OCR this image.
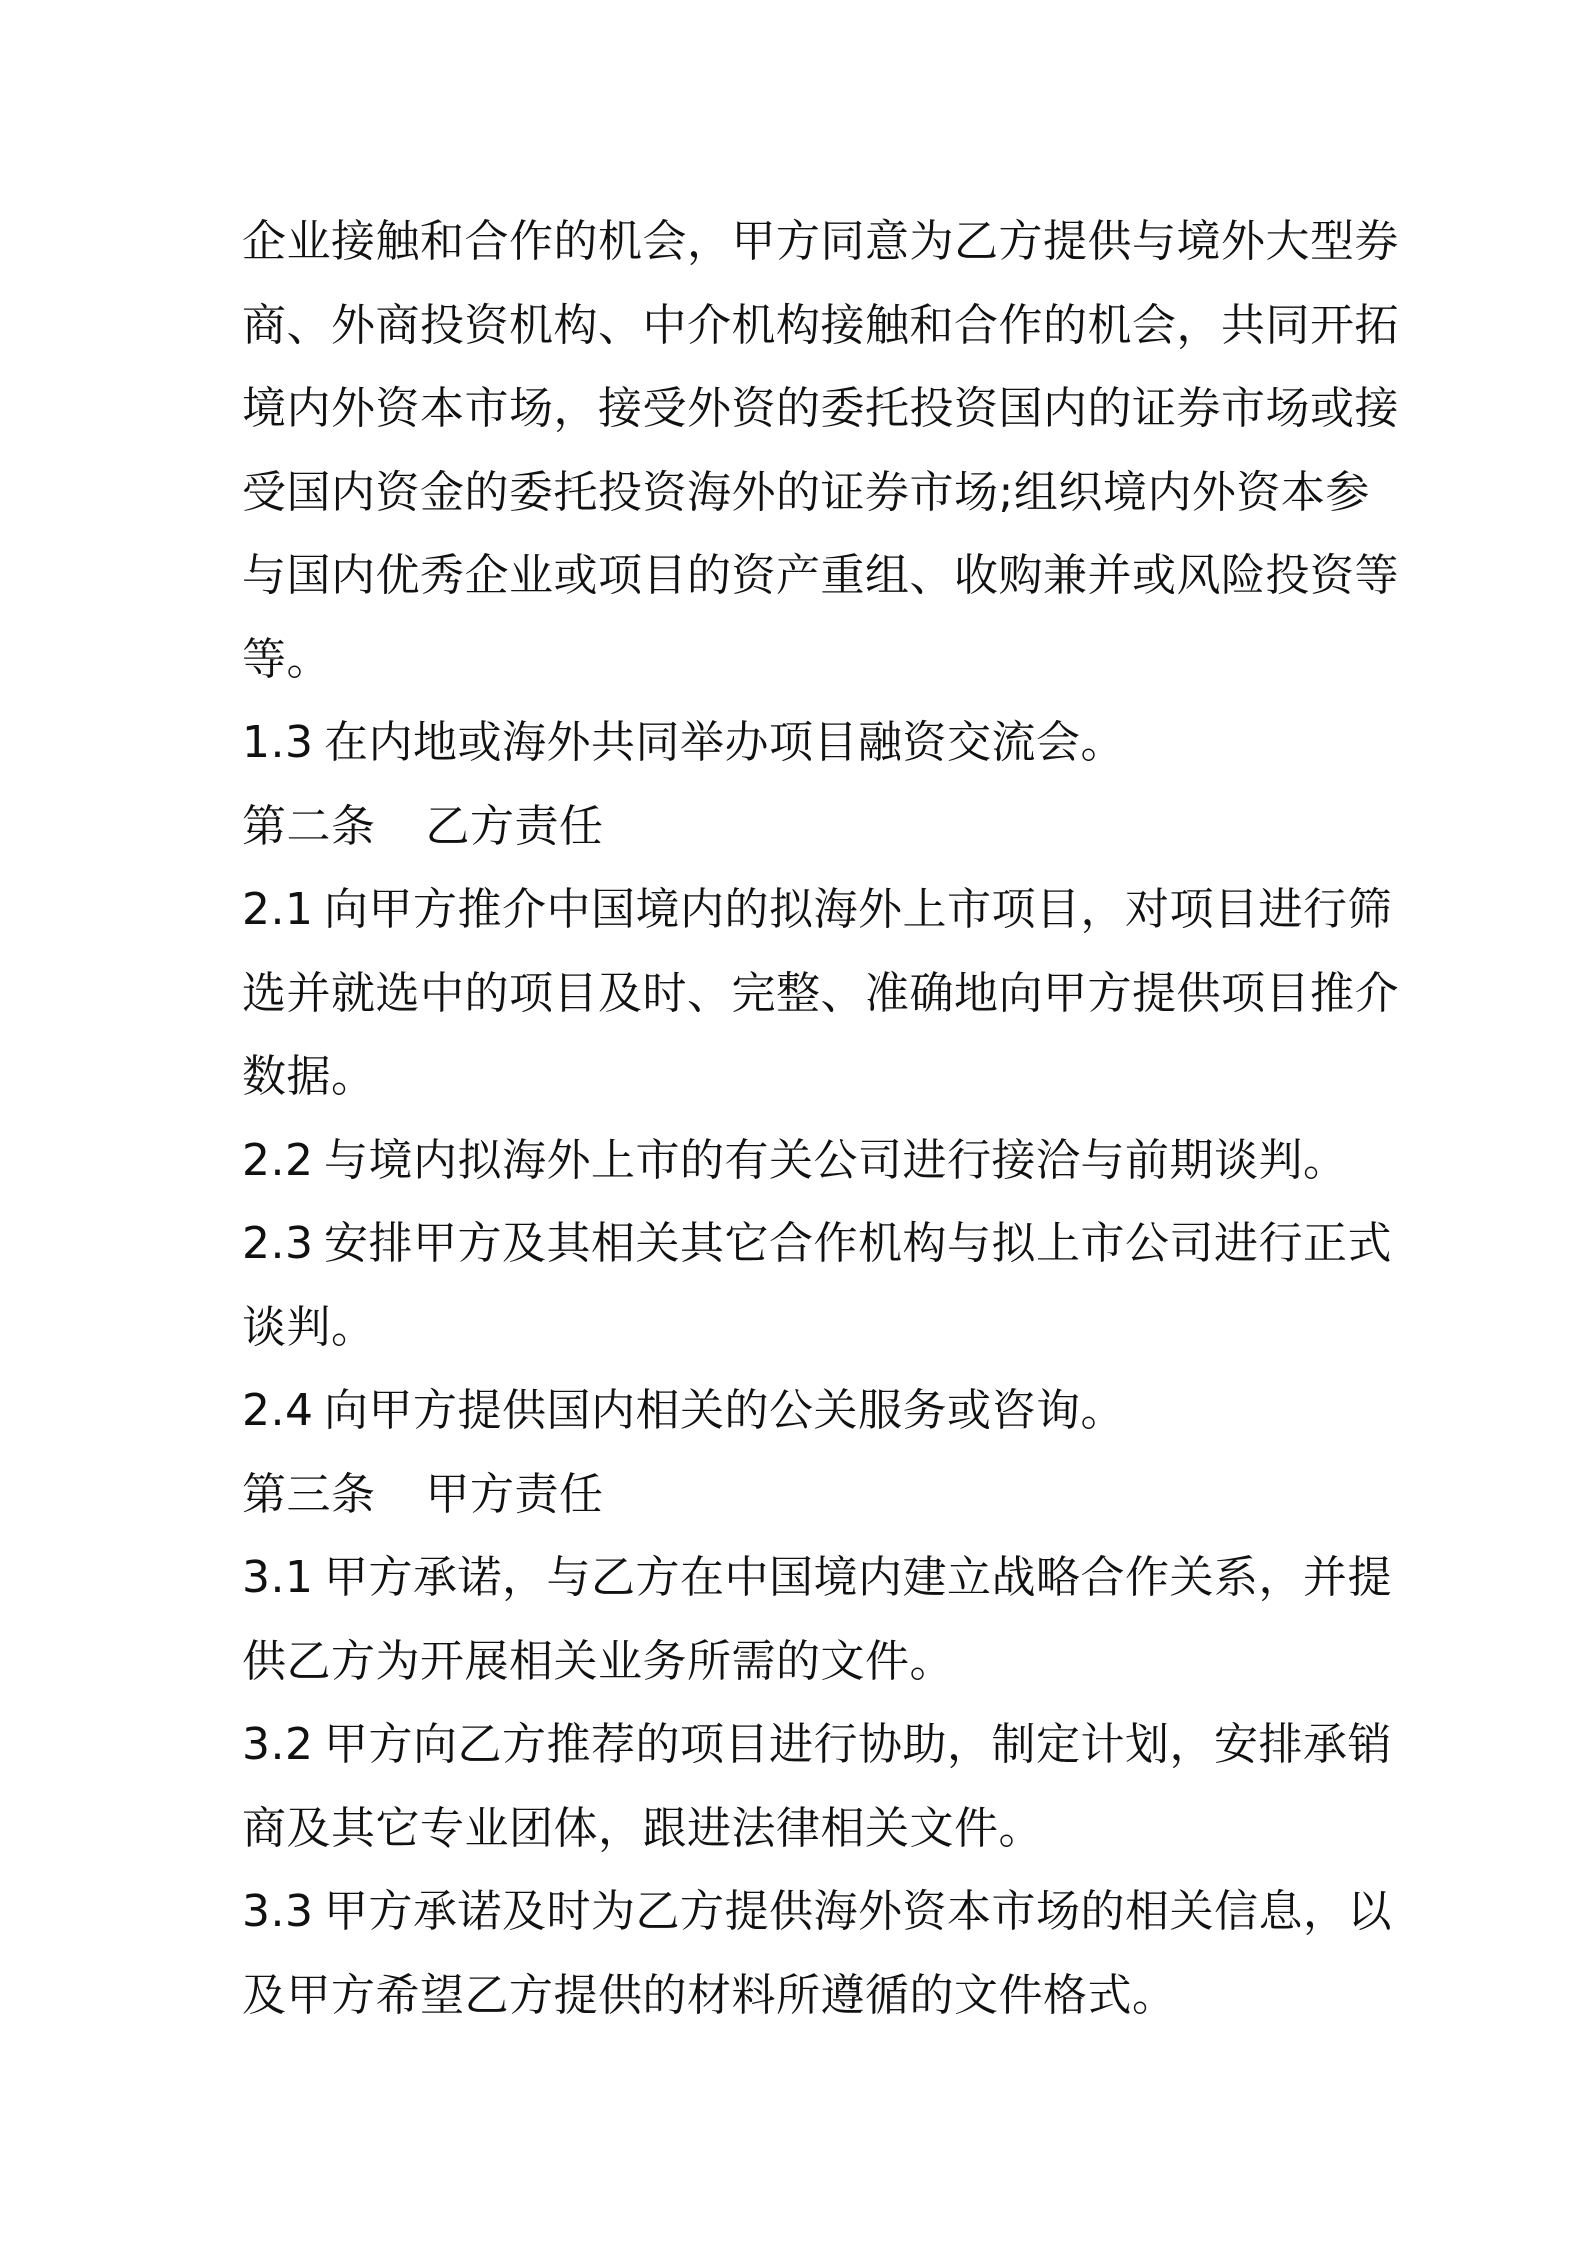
企业接触和合作的机会，甲方同意为乙方提供与境外大型券
商、外商投资机构、中介机构接触和合作的机会，共同开拓
境内外资本市场，接受外资的委托投资国内的证券市场或接
受国内资金的委托投资海外的证券市场;组织境内外资本参
与国内优秀企业或项目的资产重组、收购兼并或风险投资等
等。
1.3 在内地或海外共同举办项目融资交流会。
第二条 乙方责任
2.1 向甲方推介中国境内的拟海外上市项目，对项目进行筛
选并就选中的项目及时、完整、准确地向甲方提供项目推介
数据。
2.2 与境内拟海外上市的有关公司进行接洽与前期谈判。
2.3 安排甲方及其相关其它合作机构与拟上市公司进行正式
谈判。
2.4 向甲方提供国内相关的公关服务或咨询。
第三条 甲方责任
3.1 甲方承诺，与乙方在中国境内建立战略合作关系，并提
供乙方为开展相关业务所需的文件。
3.2 甲方向乙方推荐的项目进行协助，制定计划，安排承销
商及其它专业团体，跟进法律相关文件。
3.3 甲方承诺及时为乙方提供海外资本市场的相关信息，以
及甲方希望乙方提供的材料所遵循的文件格式。
